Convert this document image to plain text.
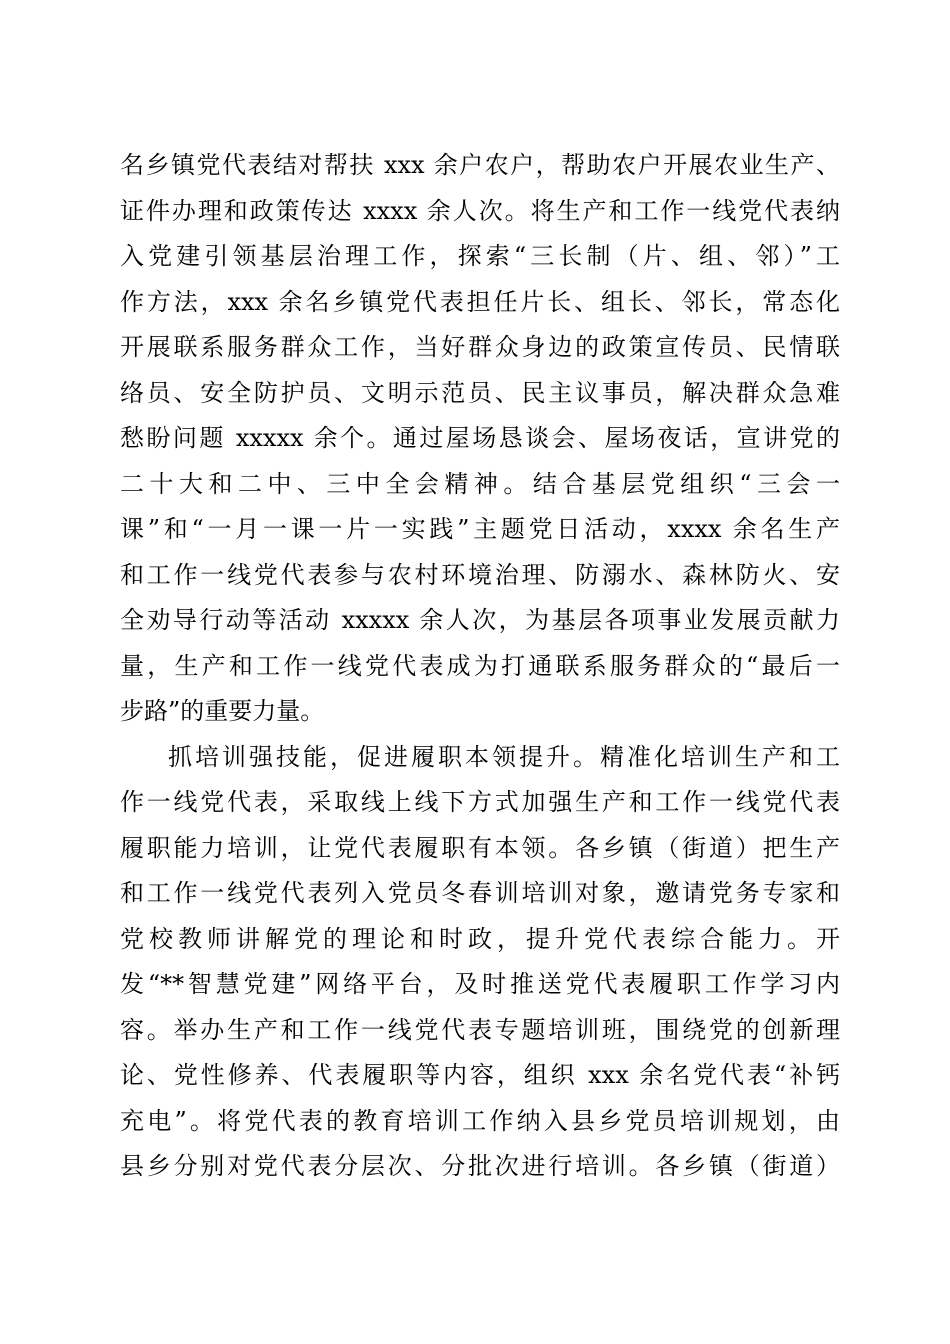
名乡镇党代表结对帮扶 xxx 余户农户，帮助农户开展农业生产、
证件办理和政策传达 xxxx 余人次。将生产和工作一线党代表纳
入党建引领基层治理工作，探索“三长制（片、组、邻）”工
作方法，xxx 余名乡镇党代表担任片长、组长、邻长，常态化
开展联系服务群众工作，当好群众身边的政策宣传员、民情联
络员、安全防护员、文明示范员、民主议事员，解决群众急难
愁盼问题 xxxxx 余个。通过屋场恳谈会、屋场夜话，宣讲党的
二十大和二中、三中全会精神。结合基层党组织“三会一
课”和“一月一课一片一实践”主题党日活动，xxxx 余名生产
和工作一线党代表参与农村环境治理、防溺水、森林防火、安
全劝导行动等活动 xxxxx 余人次，为基层各项事业发展贡献力
量，生产和工作一线党代表成为打通联系服务群众的“最后一
步路”的重要力量。
抓培训强技能，促进履职本领提升。精准化培训生产和工
作一线党代表，采取线上线下方式加强生产和工作一线党代表
履职能力培训，让党代表履职有本领。各乡镇（街道）把生产
和工作一线党代表列入党员冬春训培训对象，邀请党务专家和
党校教师讲解党的理论和时政，提升党代表综合能力。开
发“**智慧党建”网络平台，及时推送党代表履职工作学习内
容。举办生产和工作一线党代表专题培训班，围绕党的创新理
论、党性修养、代表履职等内容，组织 xxx 余名党代表“补钙
充电”。将党代表的教育培训工作纳入县乡党员培训规划，由
县乡分别对党代表分层次、分批次进行培训。各乡镇（街道）
